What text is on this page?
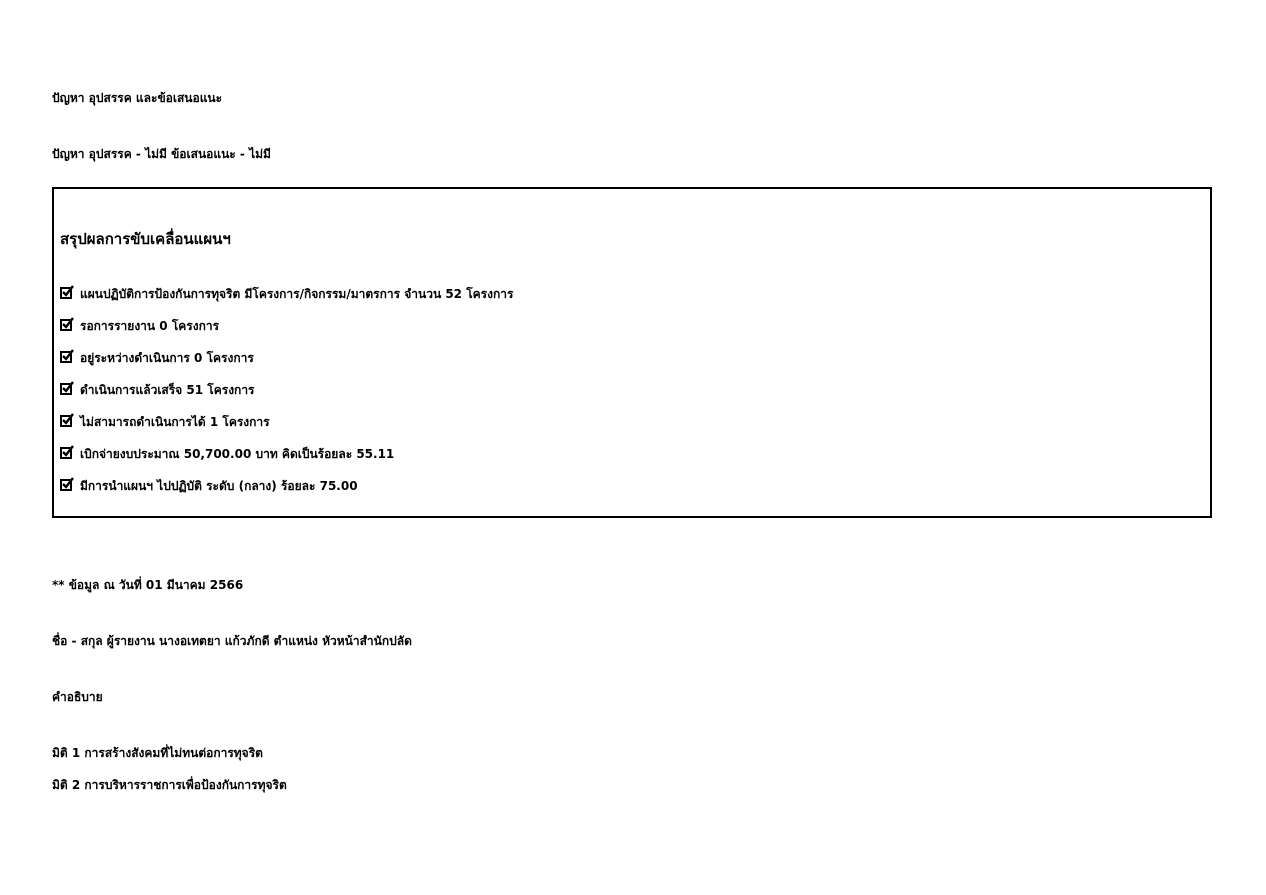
ปัญหา อุปสรรค และข้อเสนอแนะ
ปัญหา อุปสรรค - ไม่มี ข้อเสนอแนะ - ไม่มี
สรุปผลการขับเคลื่อนแผนฯ
แผนปฏิบัติการป้องกันการทุจริต มีโครงการ/กิจกรรม/มาตรการ จำนวน 52 โครงการ
รอการรายงาน 0 โครงการ
อยู่ระหว่างดำเนินการ 0 โครงการ
ดำเนินการแล้วเสร็จ 51 โครงการ
ไม่สามารถดำเนินการได้ 1 โครงการ
เบิกจ่ายงบประมาณ 50,700.00 บาท คิดเป็นร้อยละ 55.11
มีการนำแผนฯ ไปปฏิบัติ ระดับ (กลาง) ร้อยละ 75.00
** ข้อมูล ณ วันที่ 01 มีนาคม 2566
ชื่อ - สกุล ผู้รายงาน นางอเทตยา แก้วภักดี ตำแหน่ง หัวหน้าสำนักปลัด
คำอธิบาย
มิติ 1 การสร้างสังคมที่ไม่ทนต่อการทุจริต
มิติ 2 การบริหารราชการเพื่อป้องกันการทุจริต
